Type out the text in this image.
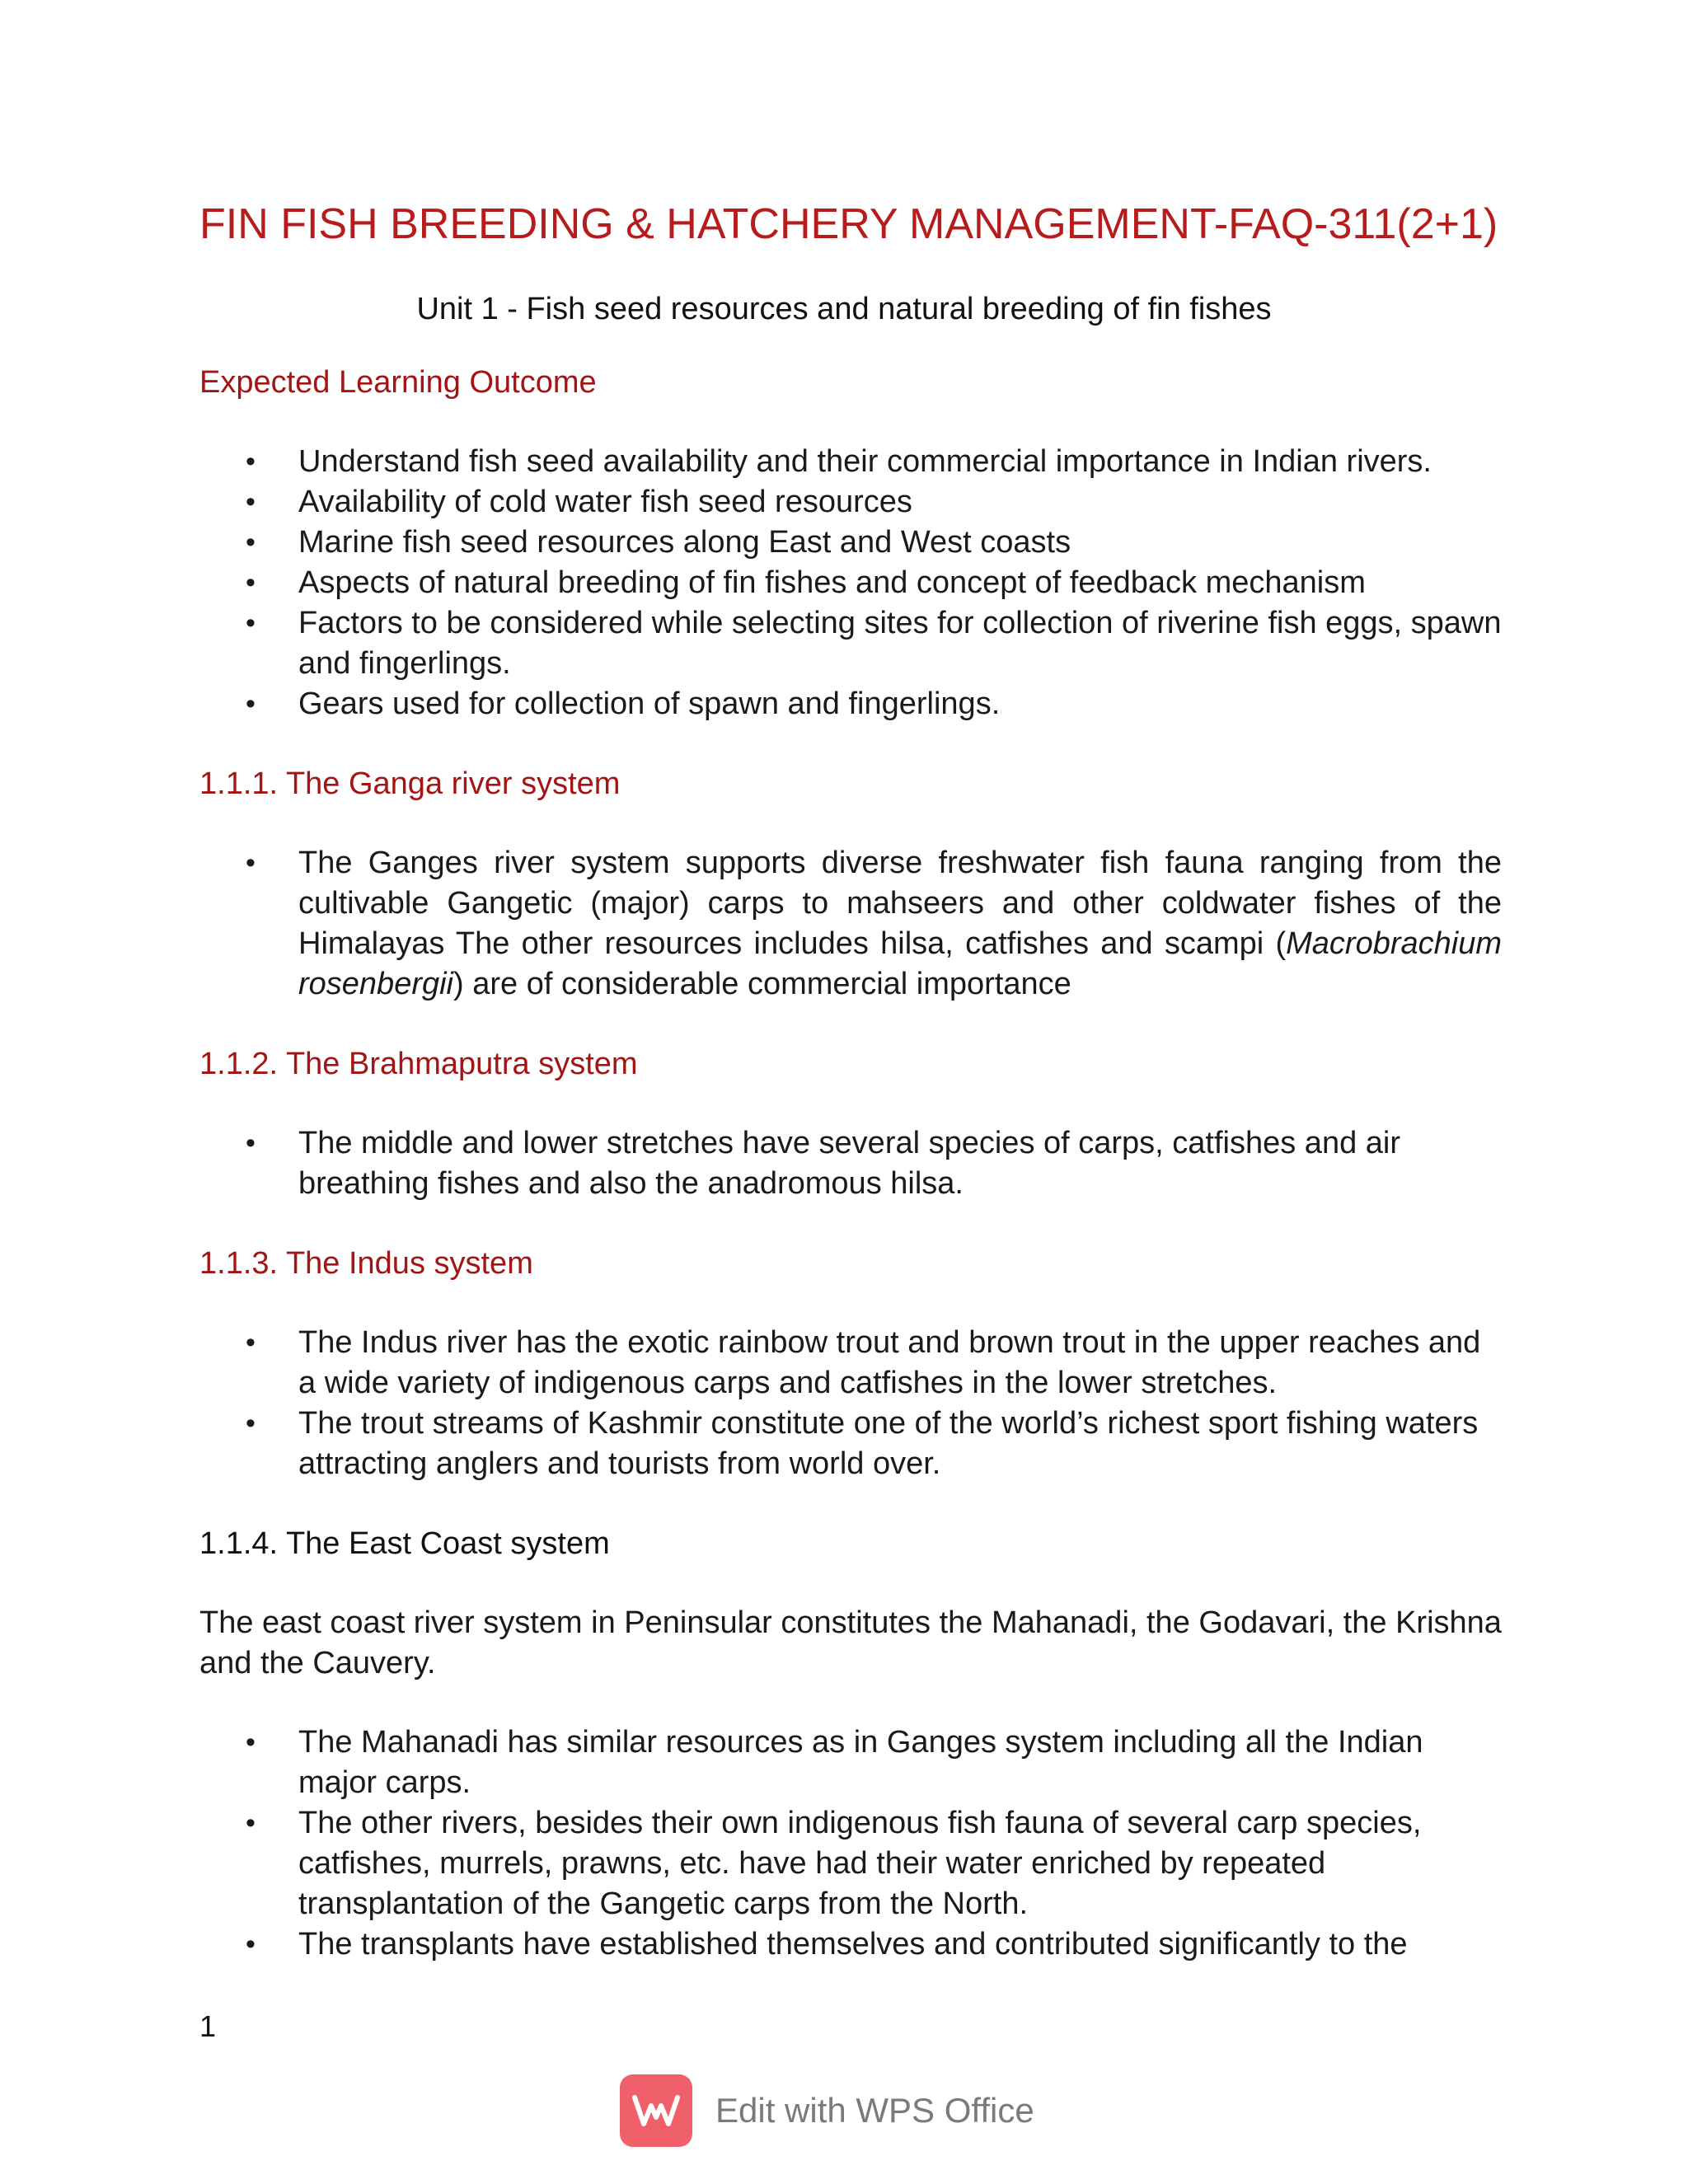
FIN FISH BREEDING & HATCHERY MANAGEMENT-FAQ-311(2+1)
Unit 1 - Fish seed resources and natural breeding of fin fishes
Expected Learning Outcome
• Understand fish seed availability and their commercial importance in Indian rivers.
• Availability of cold water fish seed resources
• Marine fish seed resources along East and West coasts
• Aspects of natural breeding of fin fishes and concept of feedback mechanism
• Factors to be considered while selecting sites for collection of riverine fish eggs, spawn and fingerlings.
• Gears used for collection of spawn and fingerlings.
1.1.1. The Ganga river system
• The Ganges river system supports diverse freshwater fish fauna ranging from the cultivable Gangetic (major) carps to mahseers and other coldwater fishes of the Himalayas The other resources includes hilsa, catfishes and scampi (Macrobrachium rosenbergii) are of considerable commercial importance
1.1.2. The Brahmaputra system
• The middle and lower stretches have several species of carps, catfishes and air breathing fishes and also the anadromous hilsa.
1.1.3. The Indus system
• The Indus river has the exotic rainbow trout and brown trout in the upper reaches and a wide variety of indigenous carps and catfishes in the lower stretches.
• The trout streams of Kashmir constitute one of the world’s richest sport fishing waters attracting anglers and tourists from world over.
1.1.4. The East Coast system

The east coast river system in Peninsular constitutes the Mahanadi, the Godavari, the Krishna and the Cauvery.

• The Mahanadi has similar resources as in Ganges system including all the Indian major carps.
• The other rivers, besides their own indigenous fish fauna of several carp species, catfishes, murrels, prawns, etc. have had their water enriched by repeated transplantation of the Gangetic carps from the North.
• The transplants have established themselves and contributed significantly to the
1
Edit with WPS Office
